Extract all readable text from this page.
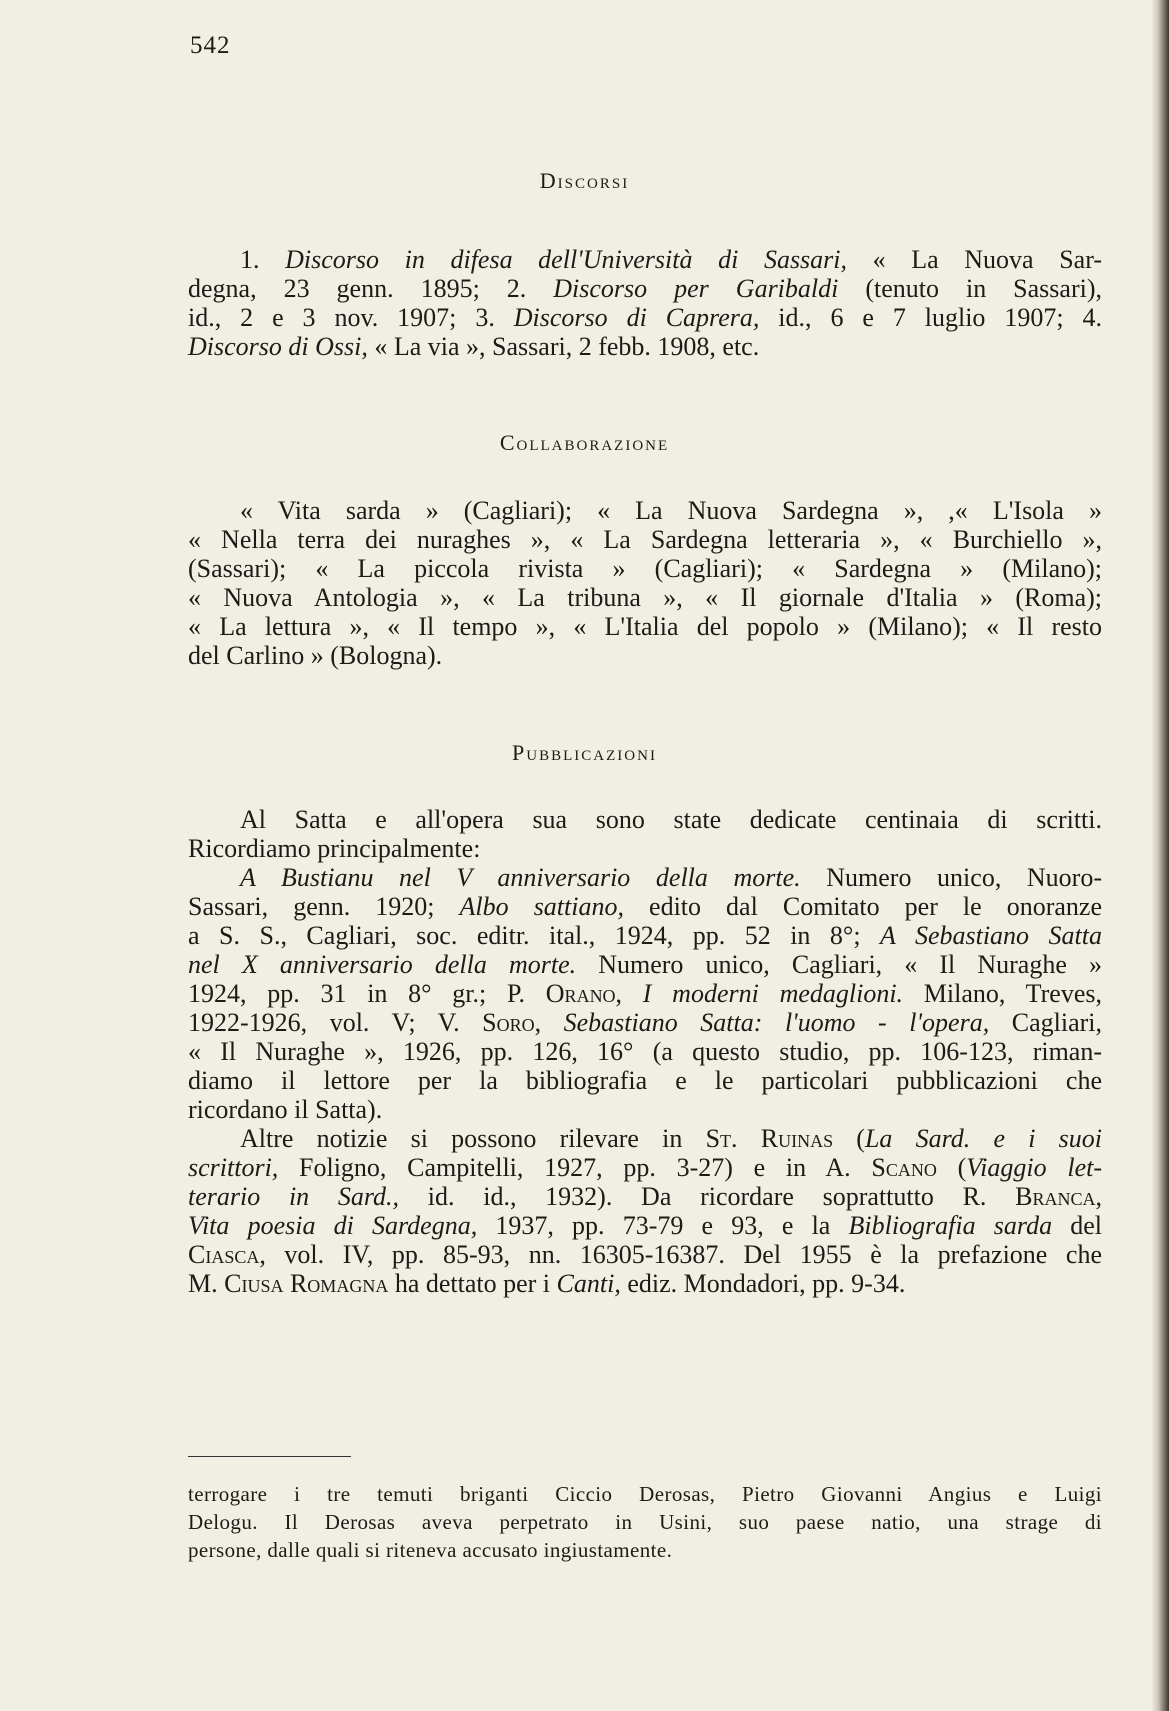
542
Discorsi
1. Discorso in difesa dell'Università di Sassari, « La Nuova Sar-
degna, 23 genn. 1895; 2. Discorso per Garibaldi (tenuto in Sassari),
id., 2 e 3 nov. 1907; 3. Discorso di Caprera, id., 6 e 7 luglio 1907; 4.
Discorso di Ossi, « La via », Sassari, 2 febb. 1908, etc.
Collaborazione
« Vita sarda » (Cagliari); « La Nuova Sardegna », ,« L'Isola »
« Nella terra dei nuraghes », « La Sardegna letteraria », « Burchiello »,
(Sassari); « La piccola rivista » (Cagliari); « Sardegna » (Milano);
« Nuova Antologia », « La tribuna », « Il giornale d'Italia » (Roma);
« La lettura », « Il tempo », « L'Italia del popolo » (Milano); « Il resto
del Carlino » (Bologna).
Pubblicazioni
Al Satta e all'opera sua sono state dedicate centinaia di scritti.
Ricordiamo principalmente:
A Bustianu nel V anniversario della morte. Numero unico, Nuoro-
Sassari, genn. 1920; Albo sattiano, edito dal Comitato per le onoranze
a S. S., Cagliari, soc. editr. ital., 1924, pp. 52 in 8°; A Sebastiano Satta
nel X anniversario della morte. Numero unico, Cagliari, « Il Nuraghe »
1924, pp. 31 in 8° gr.; P. Orano, I moderni medaglioni. Milano, Treves,
1922-1926, vol. V; V. Soro, Sebastiano Satta: l'uomo - l'opera, Cagliari,
« Il Nuraghe », 1926, pp. 126, 16° (a questo studio, pp. 106-123, riman-
diamo il lettore per la bibliografia e le particolari pubblicazioni che
ricordano il Satta).
Altre notizie si possono rilevare in St. Ruinas (La Sard. e i suoi
scrittori, Foligno, Campitelli, 1927, pp. 3-27) e in A. Scano (Viaggio let-
terario in Sard., id. id., 1932). Da ricordare soprattutto R. Branca,
Vita poesia di Sardegna, 1937, pp. 73-79 e 93, e la Bibliografia sarda del
Ciasca, vol. IV, pp. 85-93, nn. 16305-16387. Del 1955 è la prefazione che
M. Ciusa Romagna ha dettato per i Canti, ediz. Mondadori, pp. 9-34.
terrogare i tre temuti briganti Ciccio Derosas, Pietro Giovanni Angius e Luigi
Delogu. Il Derosas aveva perpetrato in Usini, suo paese natio, una strage di
persone, dalle quali si riteneva accusato ingiustamente.
